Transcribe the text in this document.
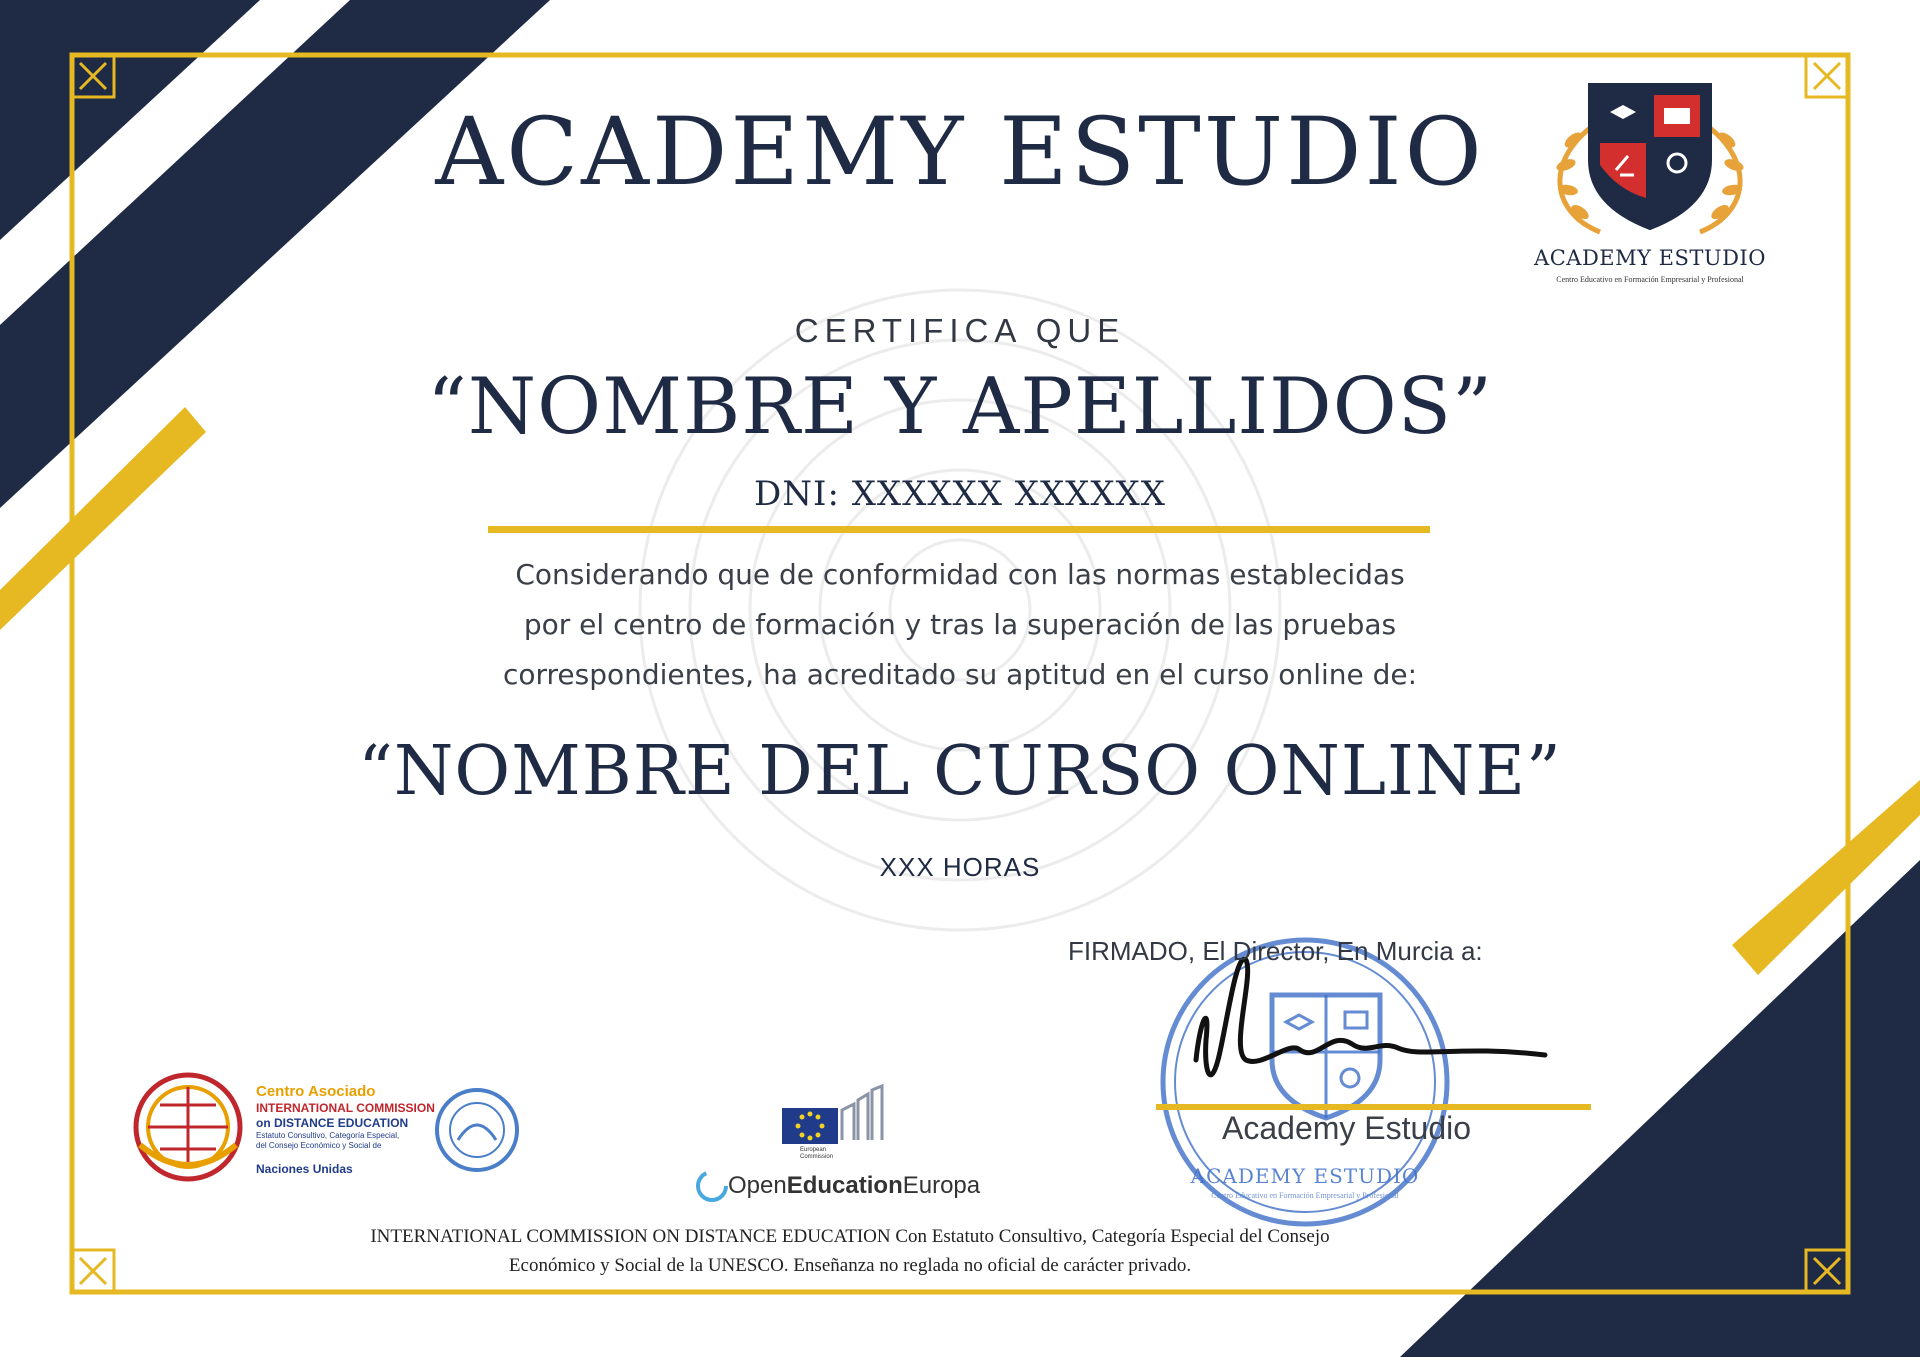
ACADEMY ESTUDIO
ACADEMY ESTUDIO
Centro Educativo en Formación Empresarial y Profesional
CERTIFICA QUE
“NOMBRE Y APELLIDOS”
DNI: XXXXXX XXXXXX
Considerando que de conformidad con las normas establecidas
por el centro de formación y tras la superación de las pruebas
correspondientes, ha acreditado su aptitud en el curso online de:
“NOMBRE DEL CURSO ONLINE”
XXX HORAS
FIRMADO, El Director, En Murcia a:
Academy Estudio
ACADEMY ESTUDIO
Centro Educativo en Formación Empresarial y Profesional
Centro Asociado
INTERNATIONAL COMMISSION
on DISTANCE EDUCATION
Estatuto Consultivo, Categoría Especial,
del Consejo Económico y Social de
Naciones Unidas
European
Commission
OpenEducationEuropa
INTERNATIONAL COMMISSION ON DISTANCE EDUCATION Con Estatuto Consultivo, Categoría Especial del Consejo
Económico y Social de la UNESCO. Enseñanza no reglada no oficial de carácter privado.
